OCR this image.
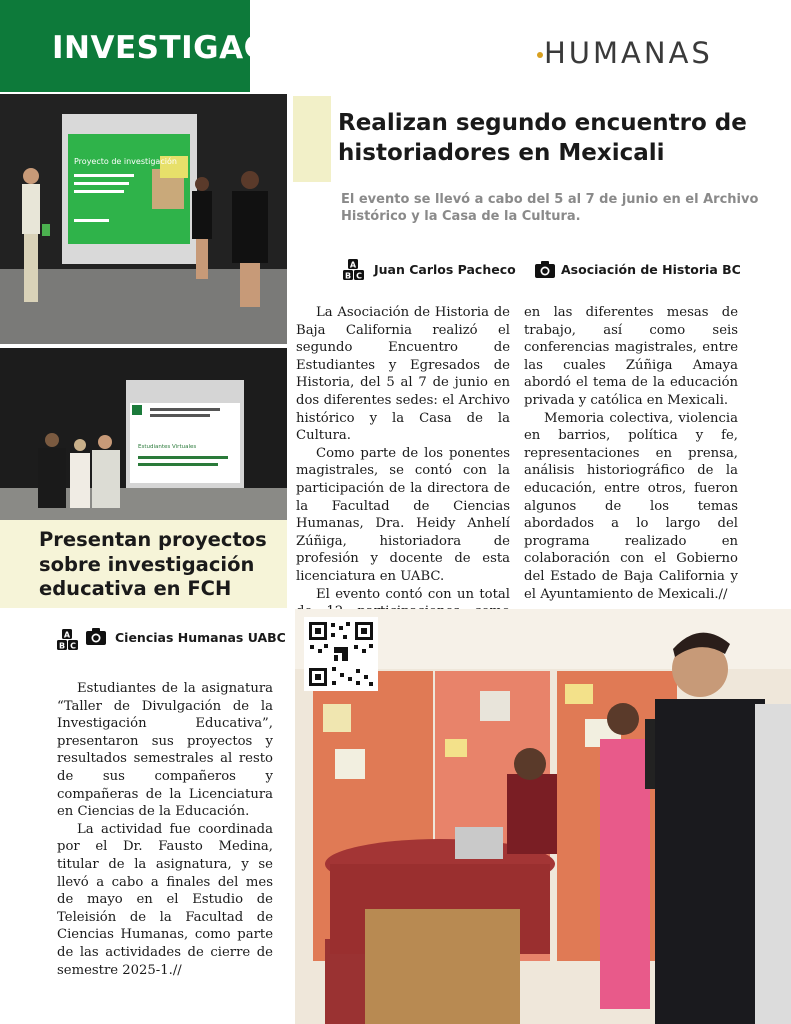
INVESTIGACIÓN	HUMANAS
Proyecto de investigación
Estudiantes Virtuales
Realizan segundo encuentro de historiadores en Mexicali
El evento se llevó a cabo del 5 al 7 de junio en el Archivo Histórico y la Casa de la Cultura.
A
B C Juan Carlos Pacheco	Asociación de Historia BC

La Asociación de Historia de Baja California realizó el segundo Encuentro de Estudiantes y Egresados de Historia, del 5 al 7 de junio en dos diferentes sedes: el Archivo histórico y la Casa de la Cultura.

Como parte de los ponentes magistrales, se contó con la participación de la directora de la Facultad de Ciencias Humanas, Dra. Heidy Anhelí Zúñiga, historiadora de profesión y docente de esta licenciatura en UABC.

El evento contó con un total

en las diferentes mesas de trabajo, así como seis conferencias magistrales, entre las cuales Zúñiga Amaya abordó el tema de la educación privada y católica en Mexicali.

Memoria colectiva, violencia en barrios, política y fe, representaciones en prensa, análisis historiográfico de la educación, entre otros, fueron algunos de los temas abordados a lo largo del programa realizado en colaboración con el Gobierno del Estado de Baja California y el Ayuntamiento de Mexicali.//

Presentan proyectos sobre investigación educativa en FCH
A
B C
Ciencias Humanas UABC

Estudiantes de la asignatura “Taller de Divulgación de la Investigación Educativa”, presentaron sus proyectos y resultados semestrales al resto de sus compañeros y compañeras de la Licenciatura en Ciencias de la Educación.

La actividad fue coordinada por el Dr. Fausto Medina, titular de la asignatura, y se llevó a cabo a finales del mes de mayo en el Estudio de Teleisión de la Facultad de Ciencias Humanas, como parte de las actividades de cierre de semestre 2025-1.//
